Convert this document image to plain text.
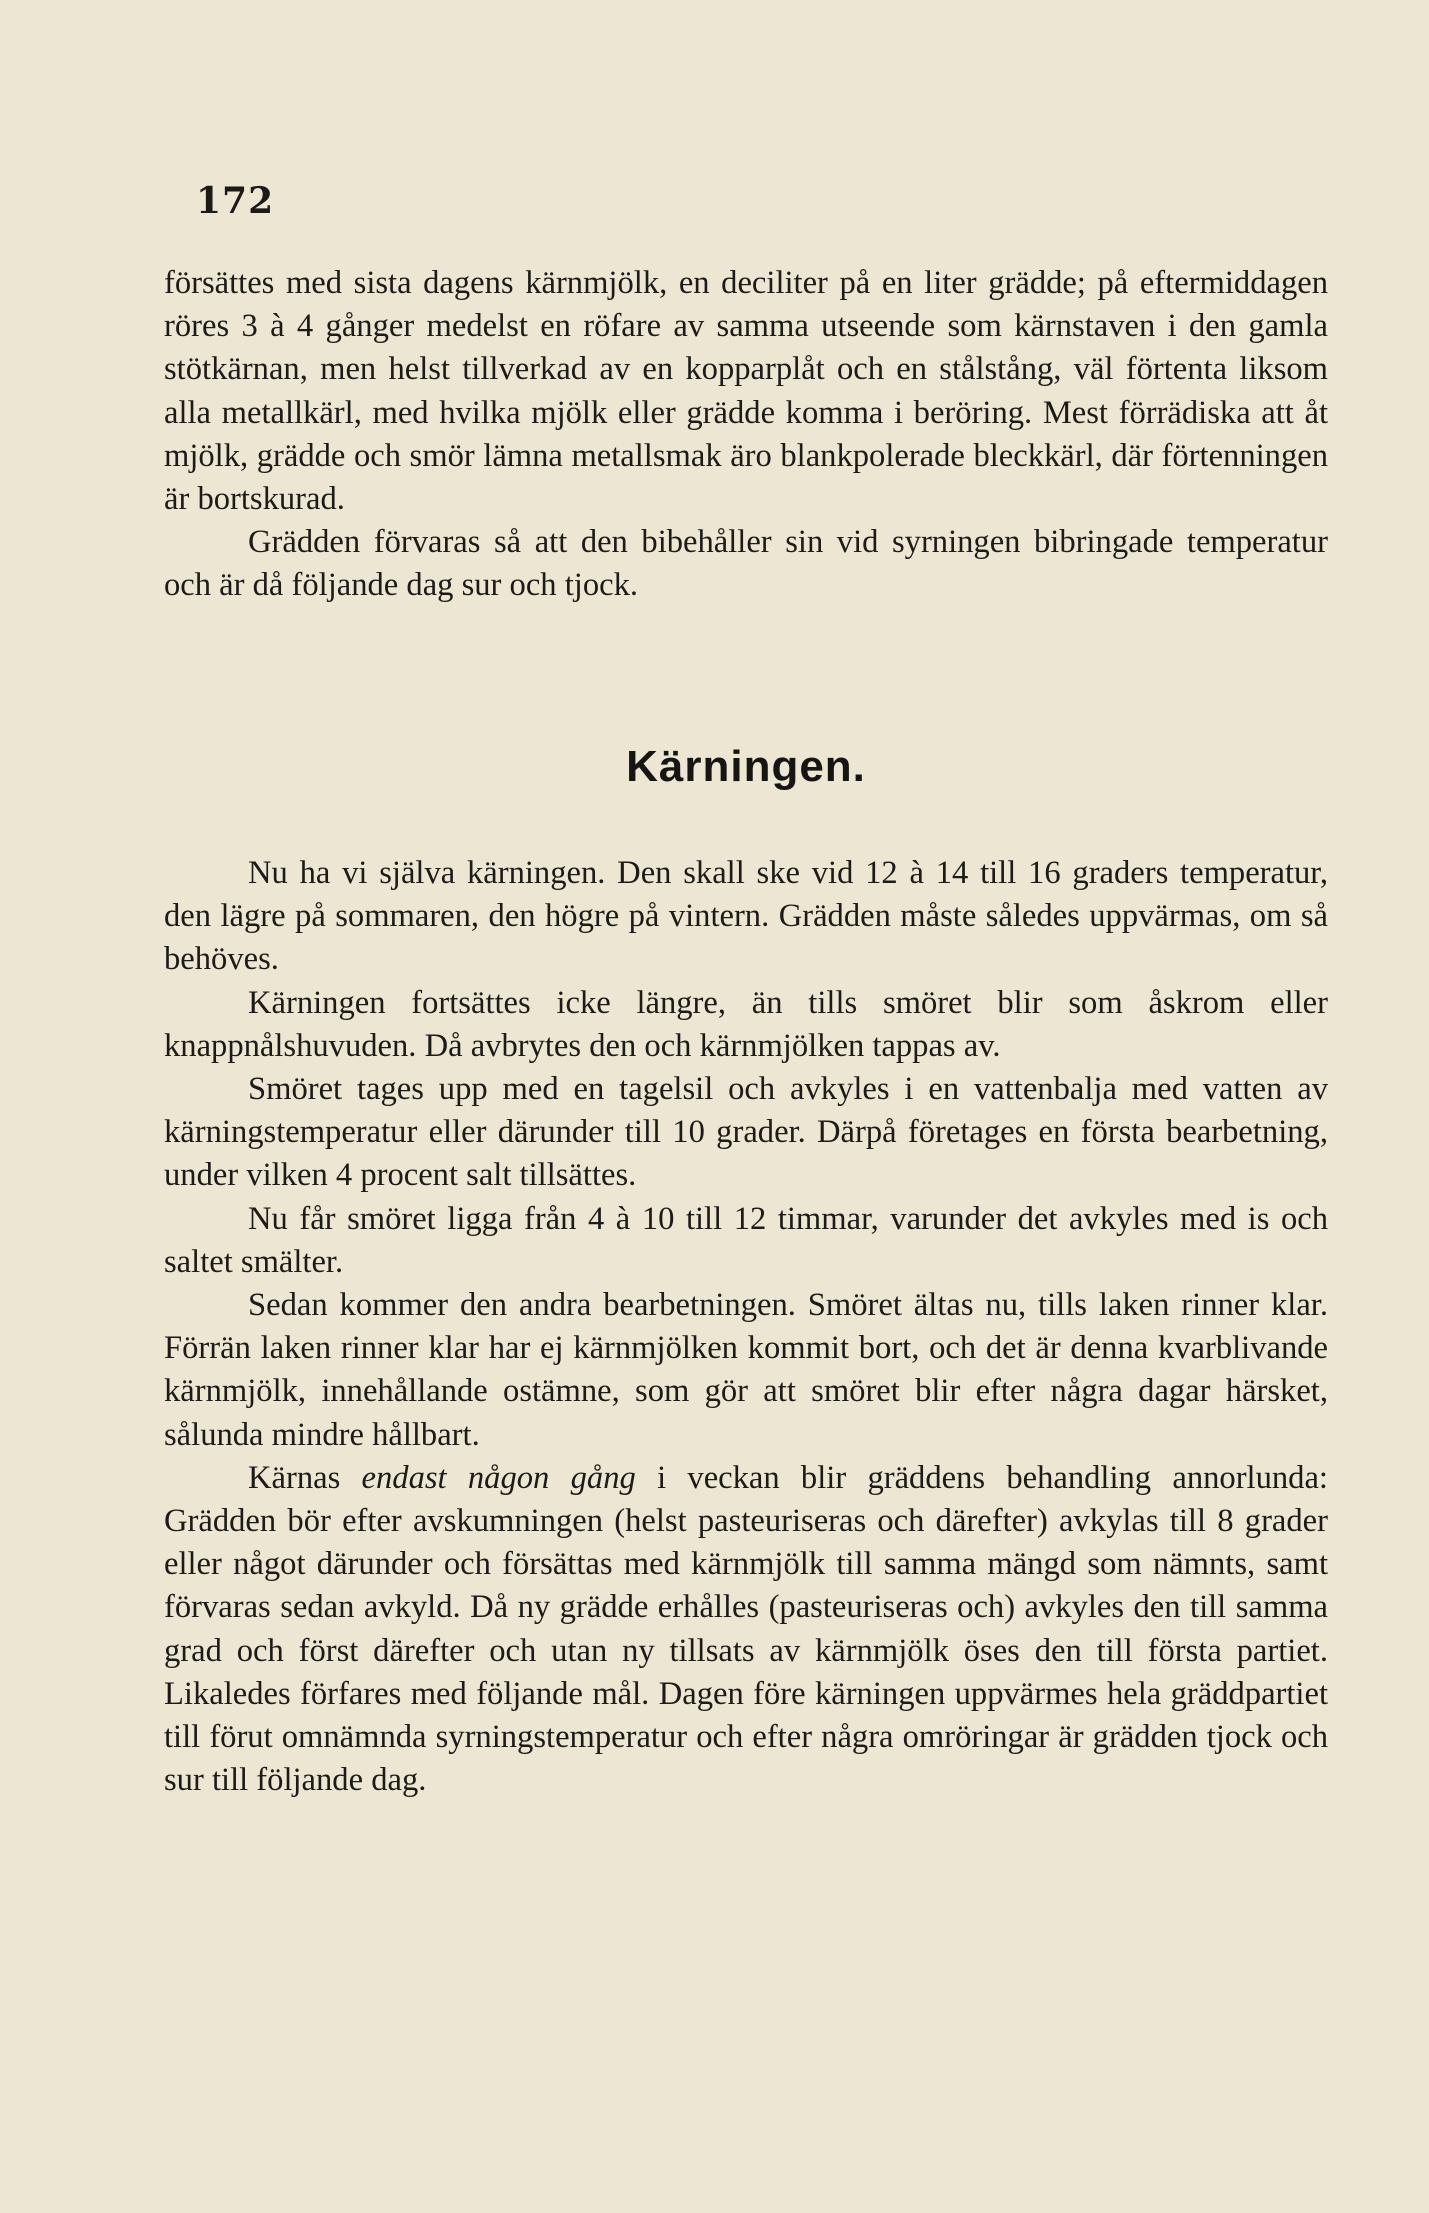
172

försättes med sista dagens kärnmjölk, en deciliter på en liter grädde; på eftermiddagen röres 3 à 4 gånger medelst en röfare av samma utseende som kärnstaven i den gamla stötkärnan, men helst tillverkad av en kopparplåt och en stålstång, väl förtenta liksom alla metallkärl, med hvilka mjölk eller grädde komma i beröring. Mest förrädiska att åt mjölk, grädde och smör lämna metallsmak äro blankpolerade bleckkärl, där förtenningen är bortskurad.

Grädden förvaras så att den bibehåller sin vid syrningen bibringade temperatur och är då följande dag sur och tjock.

Kärningen.

Nu ha vi själva kärningen. Den skall ske vid 12 à 14 till 16 graders temperatur, den lägre på sommaren, den högre på vintern. Grädden måste således uppvärmas, om så behöves.

Kärningen fortsättes icke längre, än tills smöret blir som åskrom eller knappnålshuvuden. Då avbrytes den och kärnmjölken tappas av.

Smöret tages upp med en tagelsil och avkyles i en vattenbalja med vatten av kärningstemperatur eller därunder till 10 grader. Därpå företages en första bearbetning, under vilken 4 procent salt tillsättes.

Nu får smöret ligga från 4 à 10 till 12 timmar, varunder det avkyles med is och saltet smälter.

Sedan kommer den andra bearbetningen. Smöret ältas nu, tills laken rinner klar. Förrän laken rinner klar har ej kärnmjölken kommit bort, och det är denna kvarblivande kärnmjölk, innehållande ostämne, som gör att smöret blir efter några dagar härsket, sålunda mindre hållbart.

Kärnas endast någon gång i veckan blir gräddens behandling annorlunda: Grädden bör efter avskumningen (helst pasteuriseras och därefter) avkylas till 8 grader eller något därunder och försättas med kärnmjölk till samma mängd som nämnts, samt förvaras sedan avkyld. Då ny grädde erhålles (pasteuriseras och) avkyles den till samma grad och först därefter och utan ny tillsats av kärnmjölk öses den till första partiet. Likaledes förfares med följande mål. Dagen före kärningen uppvärmes hela gräddpartiet till förut omnämnda syrningstemperatur och efter några omröringar är grädden tjock och sur till följande dag.
